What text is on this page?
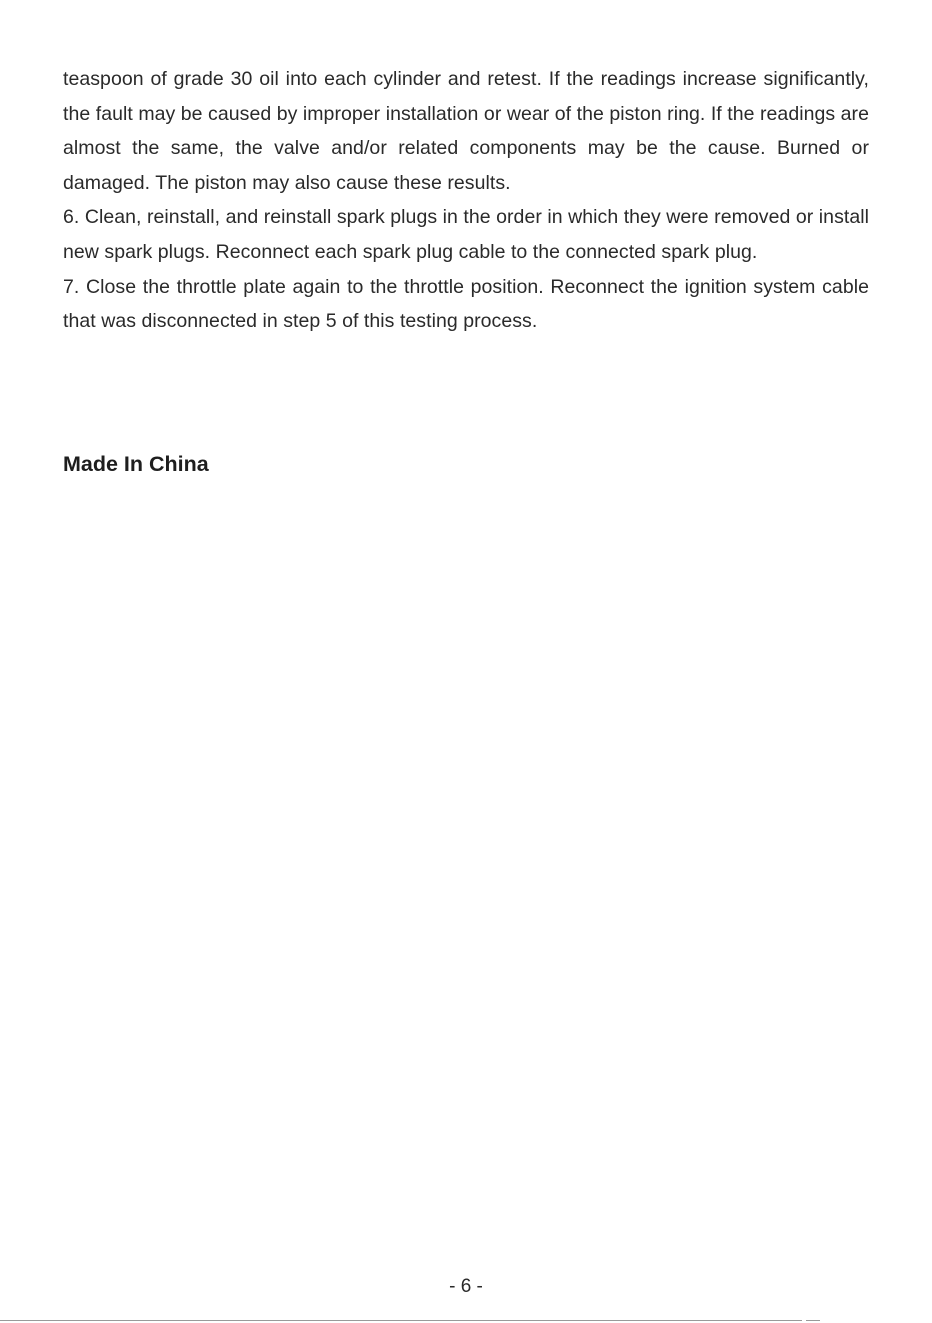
teaspoon of grade 30 oil into each cylinder and retest. If the readings increase significantly, the fault may be caused by improper installation or wear of the piston ring. If the readings are almost the same, the valve and/or related components may be the cause. Burned or damaged. The piston may also cause these results.

6. Clean, reinstall, and reinstall spark plugs in the order in which they were removed or install new spark plugs. Reconnect each spark plug cable to the connected spark plug.

7. Close the throttle plate again to the throttle position. Reconnect the ignition system cable that was disconnected in step 5 of this testing process.

Made In China

- 6 -
